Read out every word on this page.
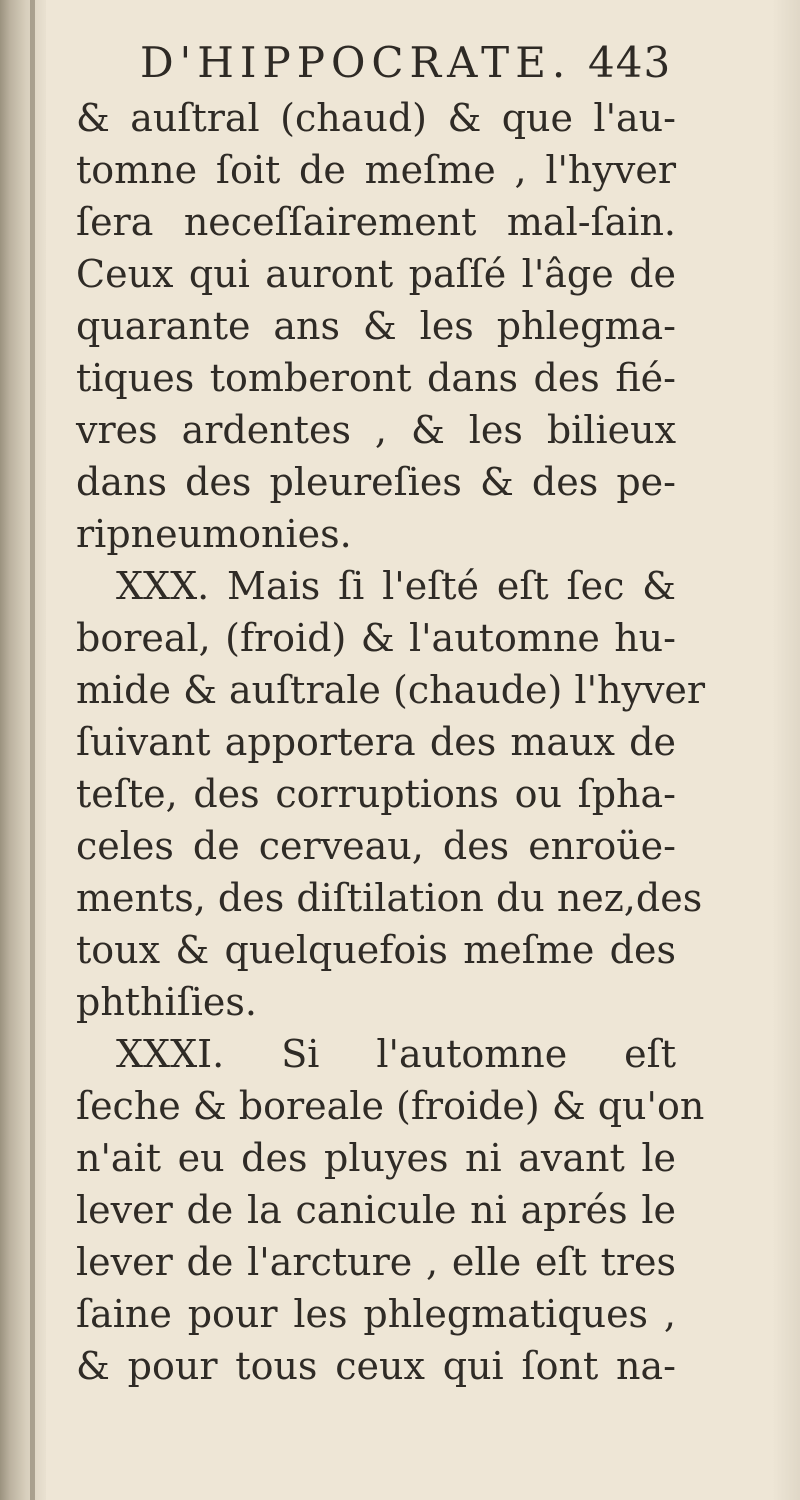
D'HIPPOCRATE. 443
& auſtral (chaud) & que l'au-
tomne ſoit de meſme , l'hyver
ſera neceſſairement mal-ſain.
Ceux qui auront paſſé l'âge de
quarante ans & les phlegma-
tiques tomberont dans des fié-
vres ardentes , & les bilieux
dans des pleureſies & des pe-
ripneumonies.
XXX. Mais ſi l'eſté eſt ſec &
boreal, (froid) & l'automne hu-
mide & auſtrale (chaude) l'hyver
ſuivant apportera des maux de
teſte, des corruptions ou ſpha-
celes de cerveau, des enroüe-
ments, des diſtilation du nez,des
toux & quelquefois meſme des
phthiſies.
XXXI. Si l'automne eſt
ſeche & boreale (froide) & qu'on
n'ait eu des pluyes ni avant le
lever de la canicule ni aprés le
lever de l'arcture , elle eſt tres
ſaine pour les phlegmatiques ,
& pour tous ceux qui ſont na-
